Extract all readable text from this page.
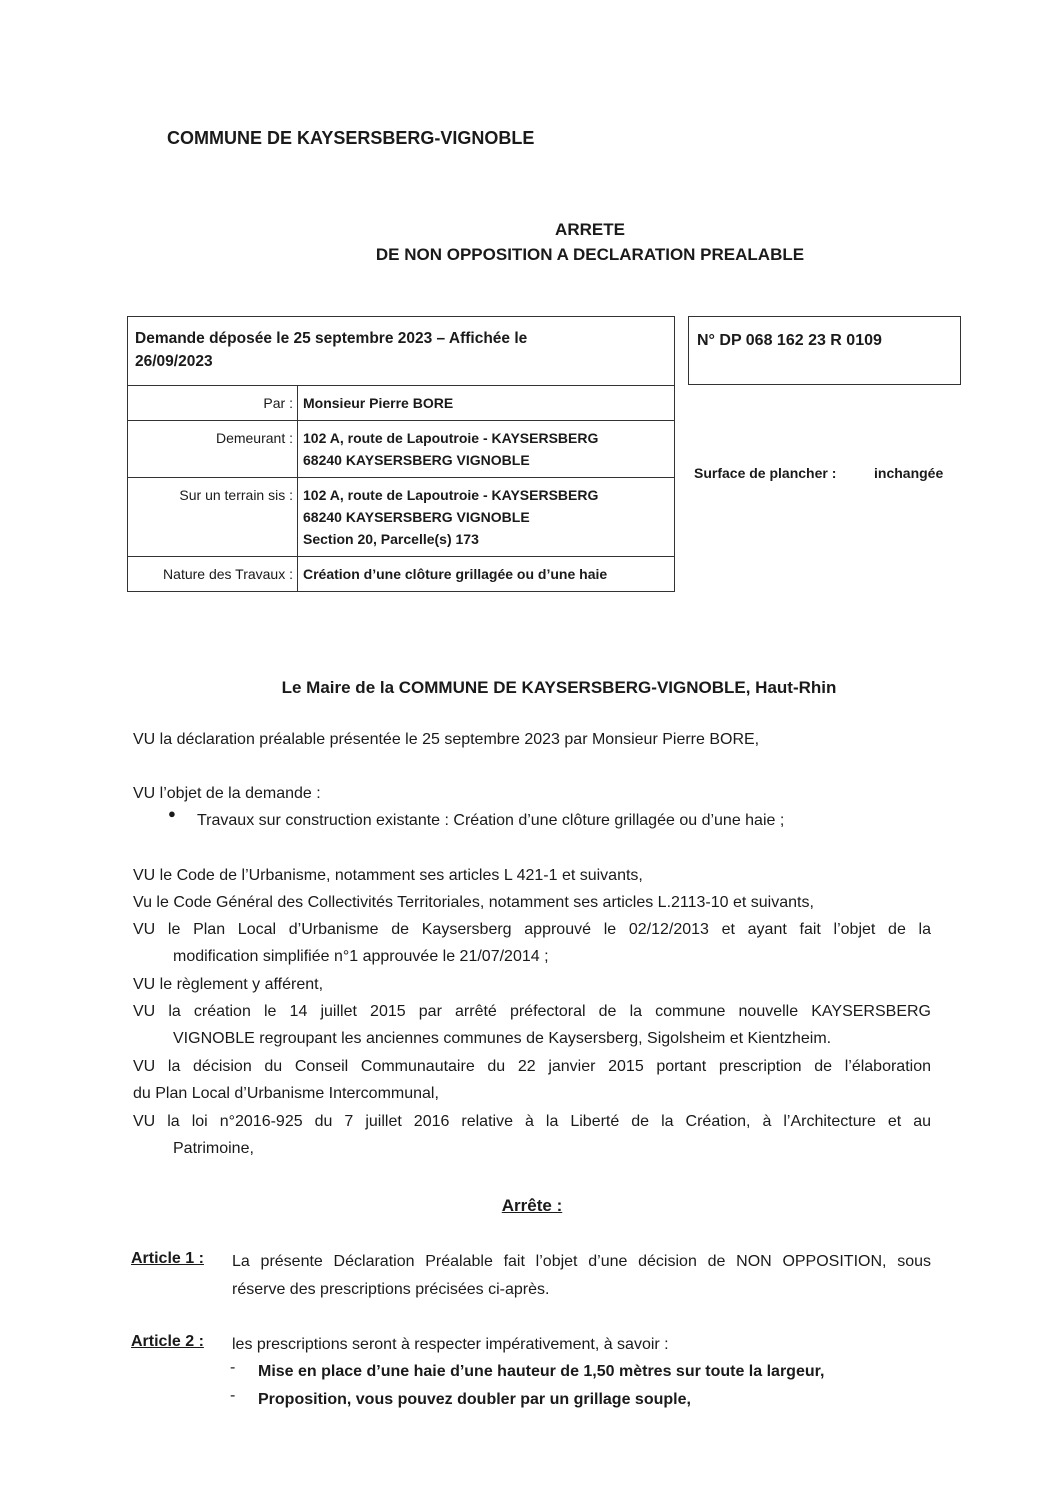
COMMUNE DE KAYSERSBERG-VIGNOBLE
ARRETE
DE NON OPPOSITION A DECLARATION PREALABLE
Demande déposée le 25 septembre 2023 – Affichée le
26/09/2023
Par : Monsieur Pierre BORE
Demeurant : 102 A, route de Lapoutroie - KAYSERSBERG
68240 KAYSERSBERG VIGNOBLE
Sur un terrain sis : 102 A, route de Lapoutroie - KAYSERSBERG
68240 KAYSERSBERG VIGNOBLE
Section 20, Parcelle(s) 173
Nature des Travaux : Création d’une clôture grillagée ou d’une haie
N° DP 068 162 23 R 0109
Surface de plancher :	inchangée
Le Maire de la COMMUNE DE KAYSERSBERG-VIGNOBLE, Haut-Rhin
VU la déclaration préalable présentée le 25 septembre 2023 par Monsieur Pierre BORE,
VU l’objet de la demande :
● Travaux sur construction existante : Création d’une clôture grillagée ou d’une haie ;
VU le Code de l’Urbanisme, notamment ses articles L 421-1 et suivants,
Vu le Code Général des Collectivités Territoriales, notamment ses articles L.2113-10 et suivants,
VU le Plan Local d’Urbanisme de Kaysersberg approuvé le 02/12/2013 et ayant fait l’objet de la
modification simplifiée n°1 approuvée le 21/07/2014 ;
VU le règlement y afférent,
VU la création le 14 juillet 2015 par arrêté préfectoral de la commune nouvelle KAYSERSBERG
VIGNOBLE regroupant les anciennes communes de Kaysersberg, Sigolsheim et Kientzheim.
VU la décision du Conseil Communautaire du 22 janvier 2015 portant prescription de l’élaboration
du Plan Local d’Urbanisme Intercommunal,
VU la loi n°2016-925 du 7 juillet 2016 relative à la Liberté de la Création, à l’Architecture et au
Patrimoine,
Arrête :
Article 1 : La présente Déclaration Préalable fait l’objet d’une décision de NON OPPOSITION, sous
réserve des prescriptions précisées ci-après.
Article 2 : les prescriptions seront à respecter impérativement, à savoir :
- Mise en place d’une haie d’une hauteur de 1,50 mètres sur toute la largeur,
- Proposition, vous pouvez doubler par un grillage souple,
